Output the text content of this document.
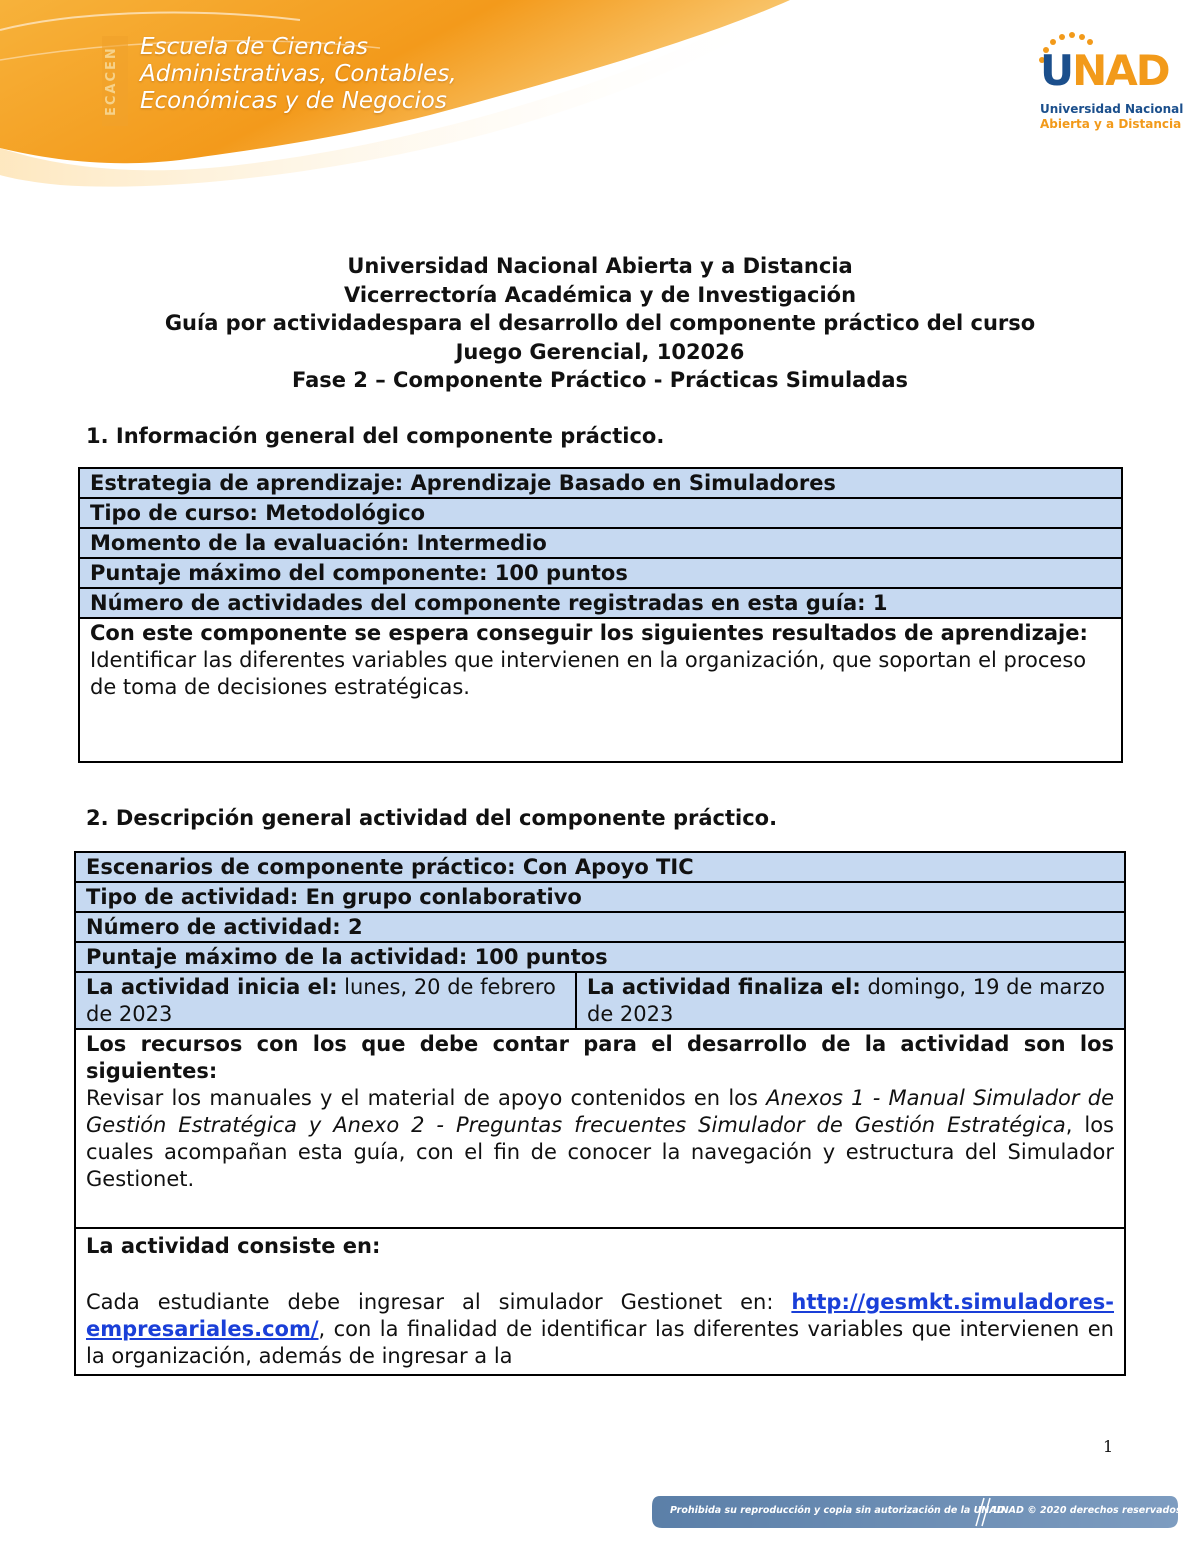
ECACEN Escuela de Ciencias
Administrativas, Contables,
Económicas y de Negocios
UNAD
Universidad Nacional
Abierta y a Distancia
Universidad Nacional Abierta y a Distancia
Vicerrectoría Académica y de Investigación
Guía por actividadespara el desarrollo del componente práctico del curso
Juego Gerencial, 102026
Fase 2 – Componente Práctico - Prácticas Simuladas
1. Información general del componente práctico.
Estrategia de aprendizaje: Aprendizaje Basado en Simuladores
Tipo de curso: Metodológico
Momento de la evaluación: Intermedio
Puntaje máximo del componente: 100 puntos
Número de actividades del componente registradas en esta guía: 1
Con este componente se espera conseguir los siguientes resultados de aprendizaje:
Identificar las diferentes variables que intervienen en la organización, que soportan el proceso de toma de decisiones estratégicas.
2. Descripción general actividad del componente práctico.
Escenarios de componente práctico: Con Apoyo TIC
Tipo de actividad: En grupo conlaborativo
Número de actividad: 2
Puntaje máximo de la actividad: 100 puntos
La actividad inicia el: lunes, 20 de febrero de 2023
La actividad finaliza el: domingo, 19 de marzo de 2023
Los recursos con los que debe contar para el desarrollo de la actividad son los siguientes:
Revisar los manuales y el material de apoyo contenidos en los Anexos 1 - Manual Simulador de Gestión Estratégica y Anexo 2 - Preguntas frecuentes Simulador de Gestión Estratégica, los cuales acompañan esta guía, con el fin de conocer la navegación y estructura del Simulador Gestionet.
La actividad consiste en:
Cada estudiante debe ingresar al simulador Gestionet en: http://gesmkt.simuladores-empresariales.com/, con la finalidad de identificar las diferentes variables que intervienen en la organización, además de ingresar a la
1
Prohibida su reproducción y copia sin autorización de la UNAD.
UNAD © 2020 derechos reservados.
